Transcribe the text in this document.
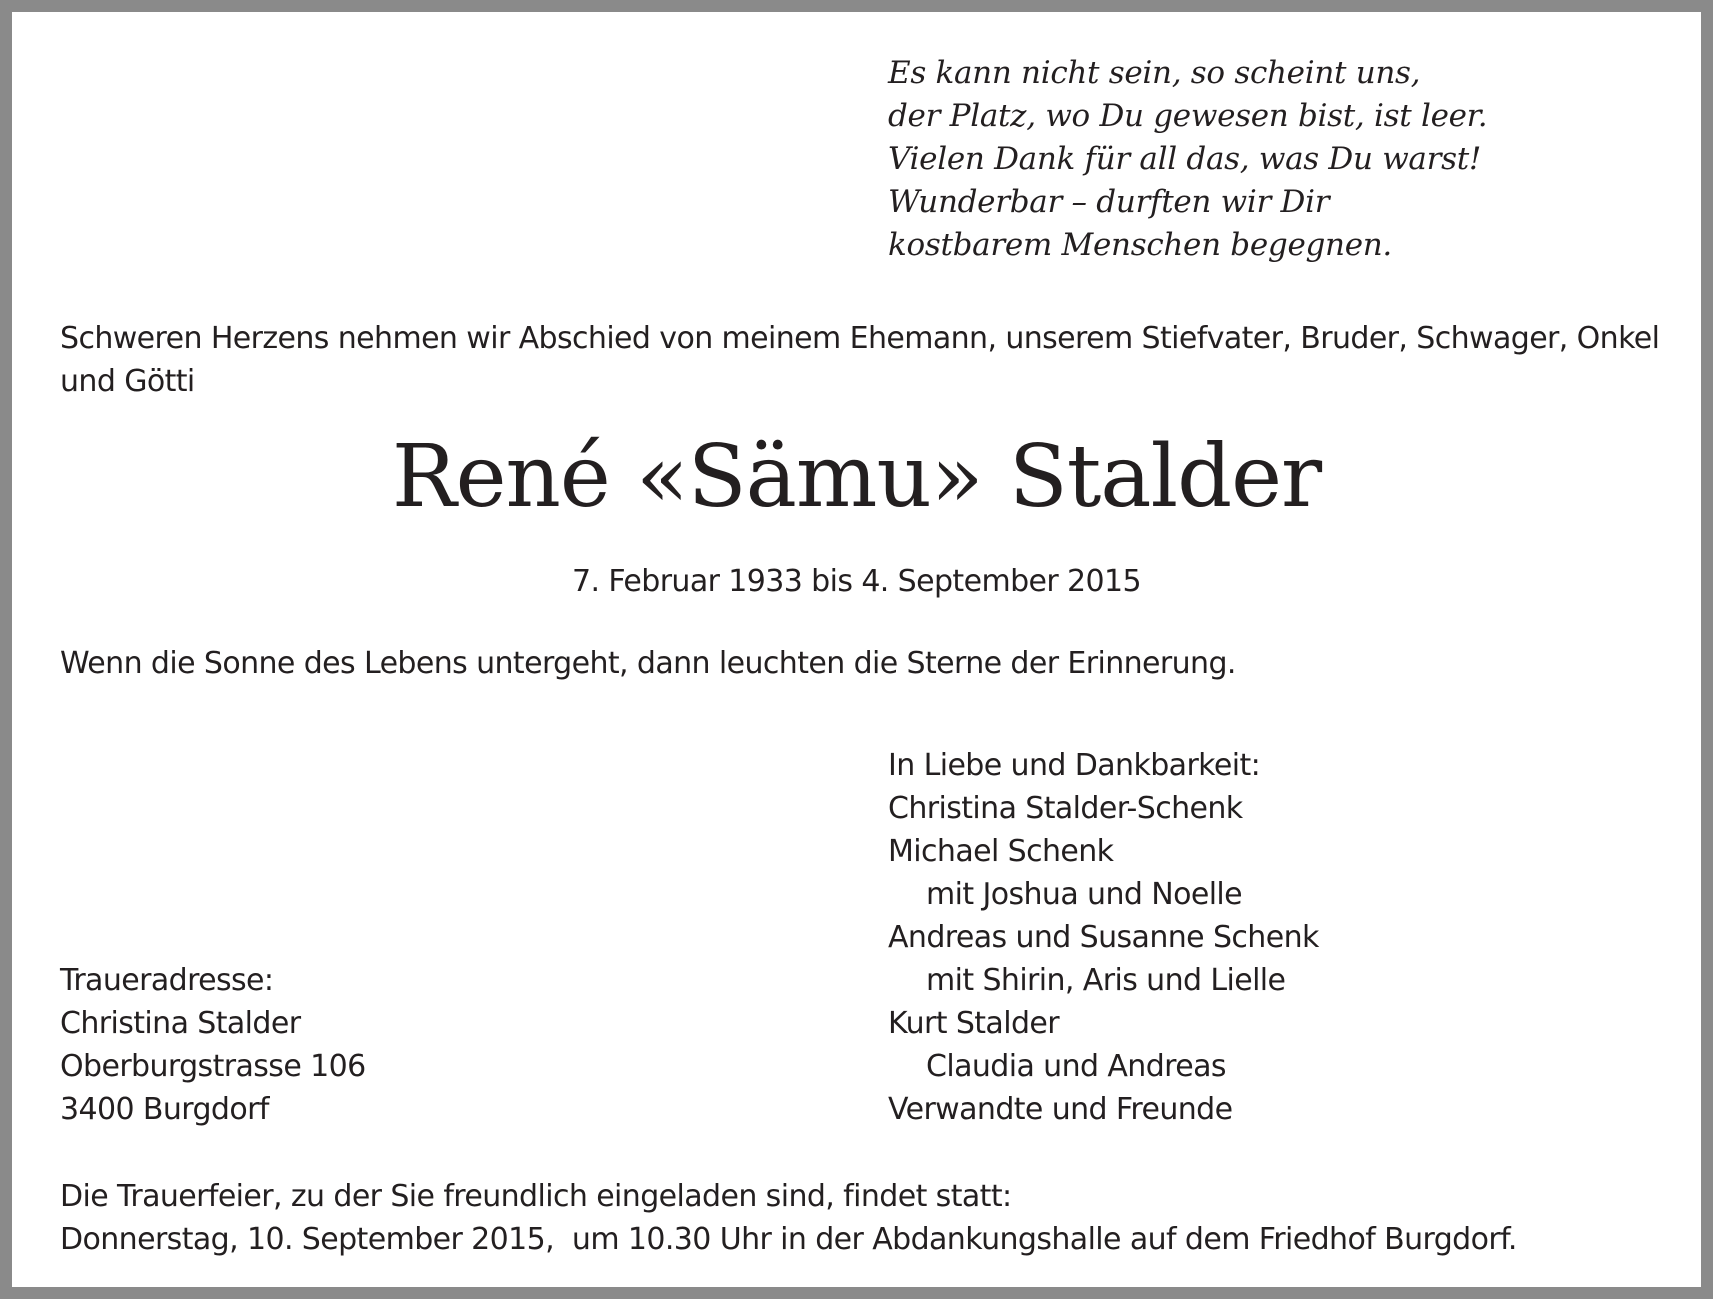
Es kann nicht sein, so scheint uns,
der Platz, wo Du gewesen bist, ist leer.
Vielen Dank für all das, was Du warst!
Wunderbar – durften wir Dir
kostbarem Menschen begegnen.
Schweren Herzens nehmen wir Abschied von meinem Ehemann, unserem Stiefvater, Bruder, Schwager, Onkel und Götti
René «Sämu» Stalder
7. Februar 1933 bis 4. September 2015
Wenn die Sonne des Lebens untergeht, dann leuchten die Sterne der Erinnerung.
In Liebe und Dankbarkeit:
Christina Stalder-Schenk
Michael Schenk
mit Joshua und Noelle
Andreas und Susanne Schenk
mit Shirin, Aris und Lielle
Kurt Stalder
Claudia und Andreas
Verwandte und Freunde
Traueradresse:
Christina Stalder
Oberburgstrasse 106
3400 Burgdorf
Die Trauerfeier, zu der Sie freundlich eingeladen sind, findet statt:
Donnerstag, 10. September 2015,  um 10.30 Uhr in der Abdankungshalle auf dem Friedhof Burgdorf.
